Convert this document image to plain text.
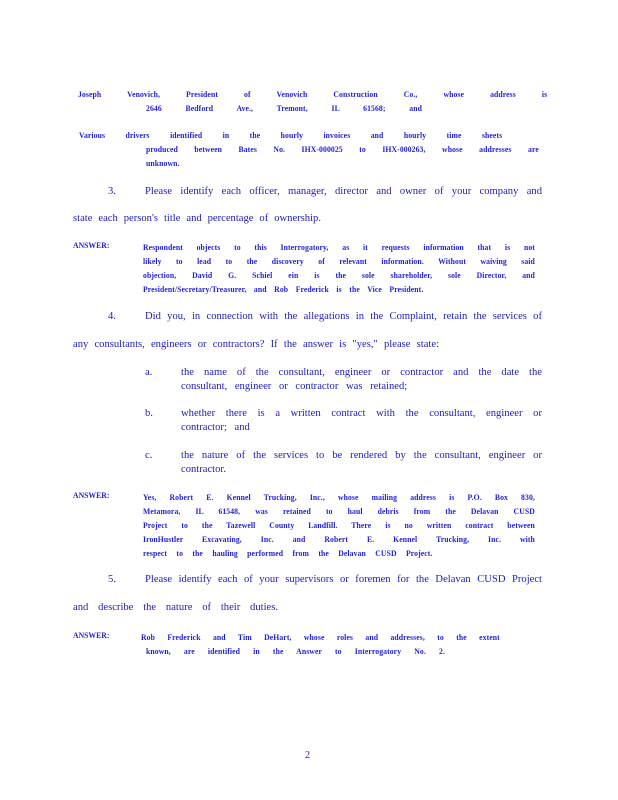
Joseph Venovich, President of Venovich Construction Co., whose address is
2646 Bedford Ave., Tremont, IL 61568; and
Various drivers identified in the hourly invoices and hourly time sheets
produced between Bates No. IHX-000025 to IHX-000263, whose addresses are
unknown.
3.	Please identify each officer, manager, director and owner of your company and
state each person's title and percentage of ownership.
ANSWER:	Respondent objects to this Interrogatory, as it requests information that is not
likely to lead to the discovery of relevant information. Without waiving said
objection, David G. Schiel ein is the sole shareholder, sole Director, and
President/Secretary/Treasurer, and Rob Frederick is the Vice President.
4.	Did you, in connection with the allegations in the Complaint, retain the services of
any consultants, engineers or contractors? If the answer is "yes," please state:
a.	the name of the consultant, engineer or contractor and the date the
consultant, engineer or contractor was retained;
b.	whether there is a written contract with the consultant, engineer or
contractor; and
c.	the nature of the services to be rendered by the consultant, engineer or
contractor.
ANSWER:	Yes, Robert E. Kennel Trucking, Inc., whose mailing address is P.O. Box 830,
Metamora, IL 61548, was retained to haul debris from the Delavan CUSD
Project to the Tazewell County Landfill. There is no written contract between
IronHustler Excavating, Inc. and Robert E. Kennel Trucking, Inc. with
respect to the hauling performed from the Delavan CUSD Project.
5.	Please identify each of your supervisors or foremen for the Delavan CUSD Project
and describe the nature of their duties.
ANSWER:	Rob Frederick and Tim DeHart, whose roles and addresses, to the extent
known, are identified in the Answer to Interrogatory No. 2.
2
